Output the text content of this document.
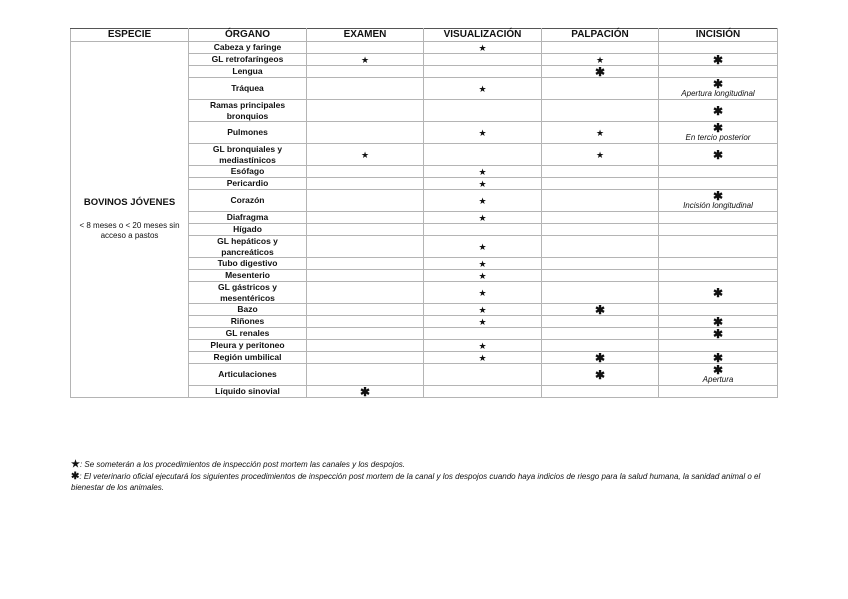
ESPECIE	ÓRGANO	EXAMEN	VISUALIZACIÓN	PALPACIÓN	INCISIÓN

BOVINOS JÓVENES
< 8 meses o < 20 meses sin acceso a pastos	Cabeza y faringe		★		

	GL retrofaríngeos	★		★	✱

	Lengua			✱	

	Tráquea		★		✱
Apertura longitudinal

	Ramas principales bronquios				✱

	Pulmones		★	★	✱
En tercio posterior

	GL bronquiales y mediastínicos	★		★	✱

	Esófago		★		

	Pericardio		★		

	Corazón		★		✱
Incisión longitudinal

	Diafragma		★		

	Hígado				
	GL hepáticos y pancreáticos		★		

	Tubo digestivo		★		

	Mesenterio		★		

	GL gástricos y mesentéricos		★		✱

	Bazo		★	✱	

	Riñones		★		✱

	GL renales				✱

	Pleura y peritoneo		★		

	Región umbilical		★	✱	✱

	Articulaciones			✱	✱
Apertura

	Líquido sinovial	✱			

★: Se someterán a los procedimientos de inspección post mortem las canales y los despojos.

✱: El veterinario oficial ejecutará los siguientes procedimientos de inspección post mortem de la canal y los despojos cuando haya indicios de riesgo para la salud humana, la sanidad animal o el bienestar de los animales.
